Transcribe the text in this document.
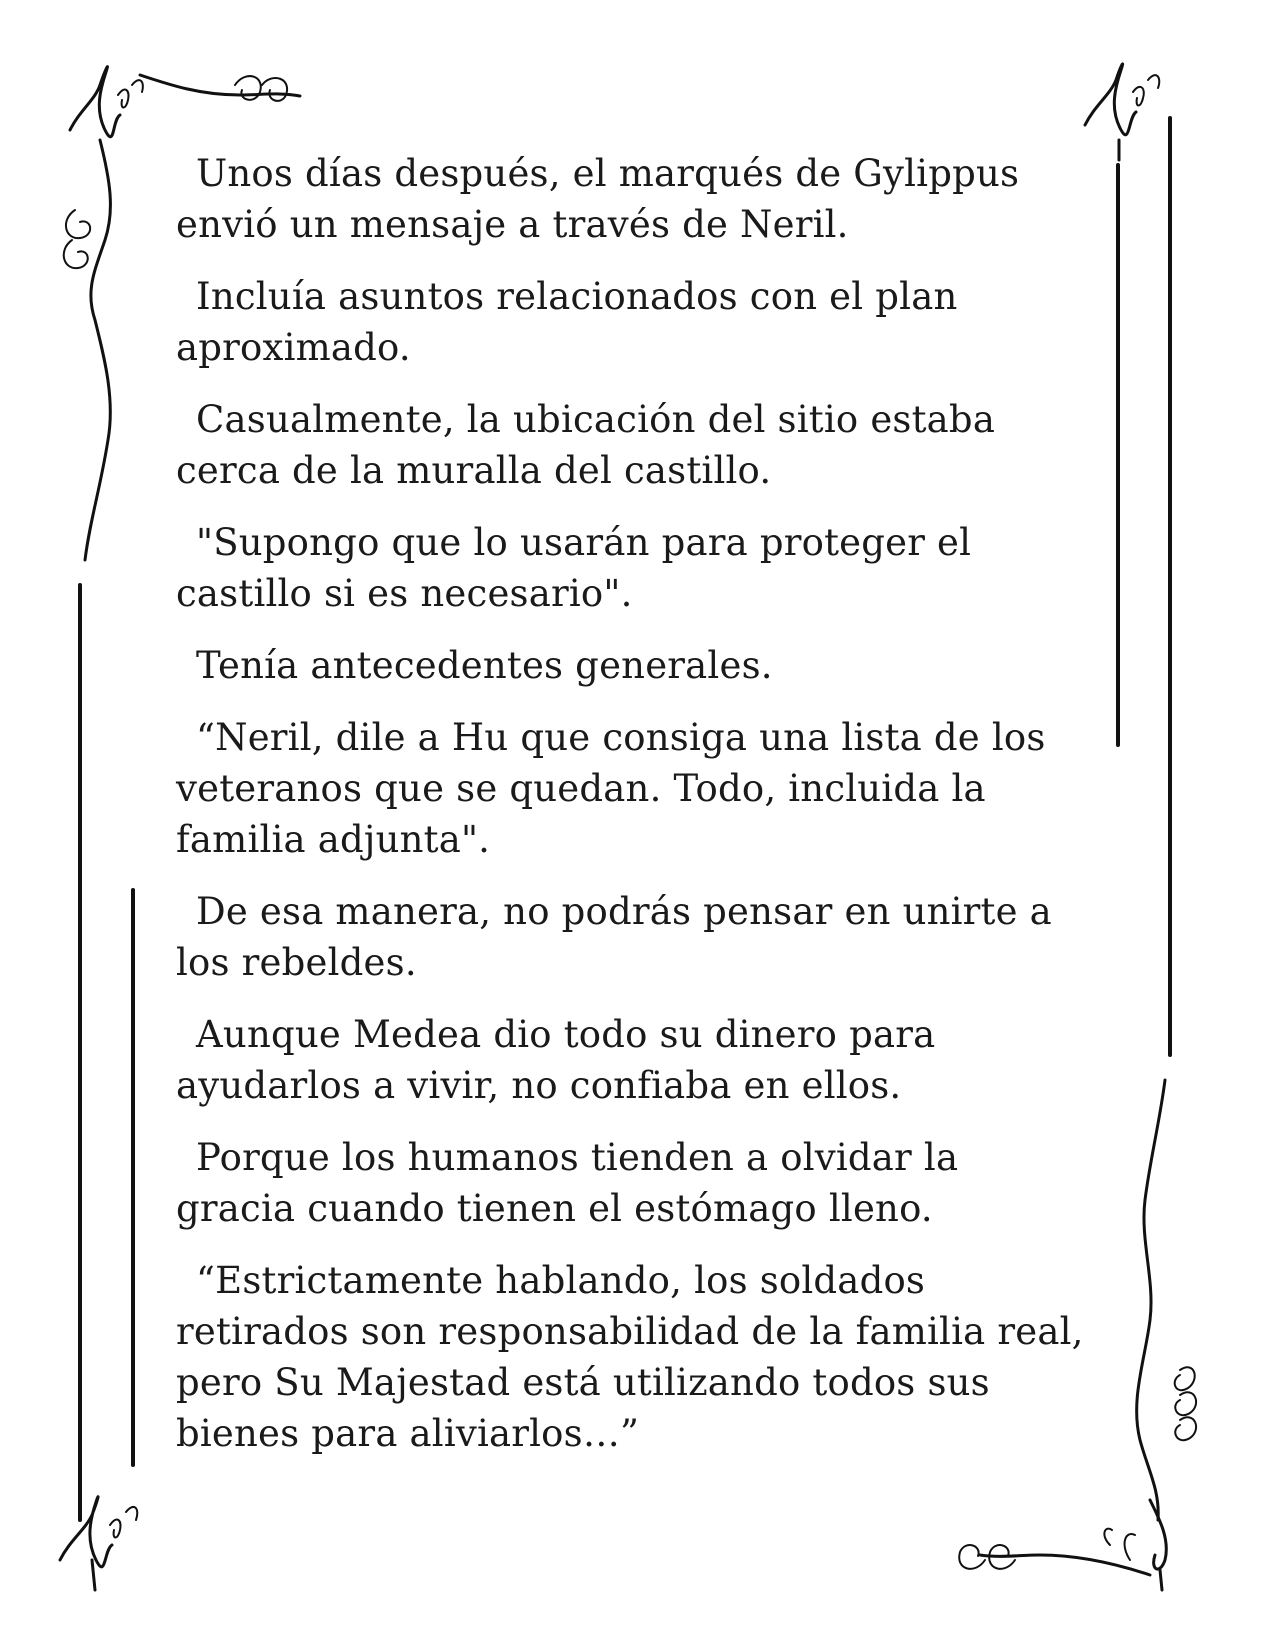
Unos días después, el marqués de Gylippus
envió un mensaje a través de Neril.

Incluía asuntos relacionados con el plan
aproximado.

Casualmente, la ubicación del sitio estaba
cerca de la muralla del castillo.

"Supongo que lo usarán para proteger el
castillo si es necesario".

Tenía antecedentes generales.

“Neril, dile a Hu que consiga una lista de los
veteranos que se quedan. Todo, incluida la
familia adjunta".

De esa manera, no podrás pensar en unirte a
los rebeldes.

Aunque Medea dio todo su dinero para
ayudarlos a vivir, no confiaba en ellos.

Porque los humanos tienden a olvidar la
gracia cuando tienen el estómago lleno.

“Estrictamente hablando, los soldados
retirados son responsabilidad de la familia real,
pero Su Majestad está utilizando todos sus
bienes para aliviarlos…”
